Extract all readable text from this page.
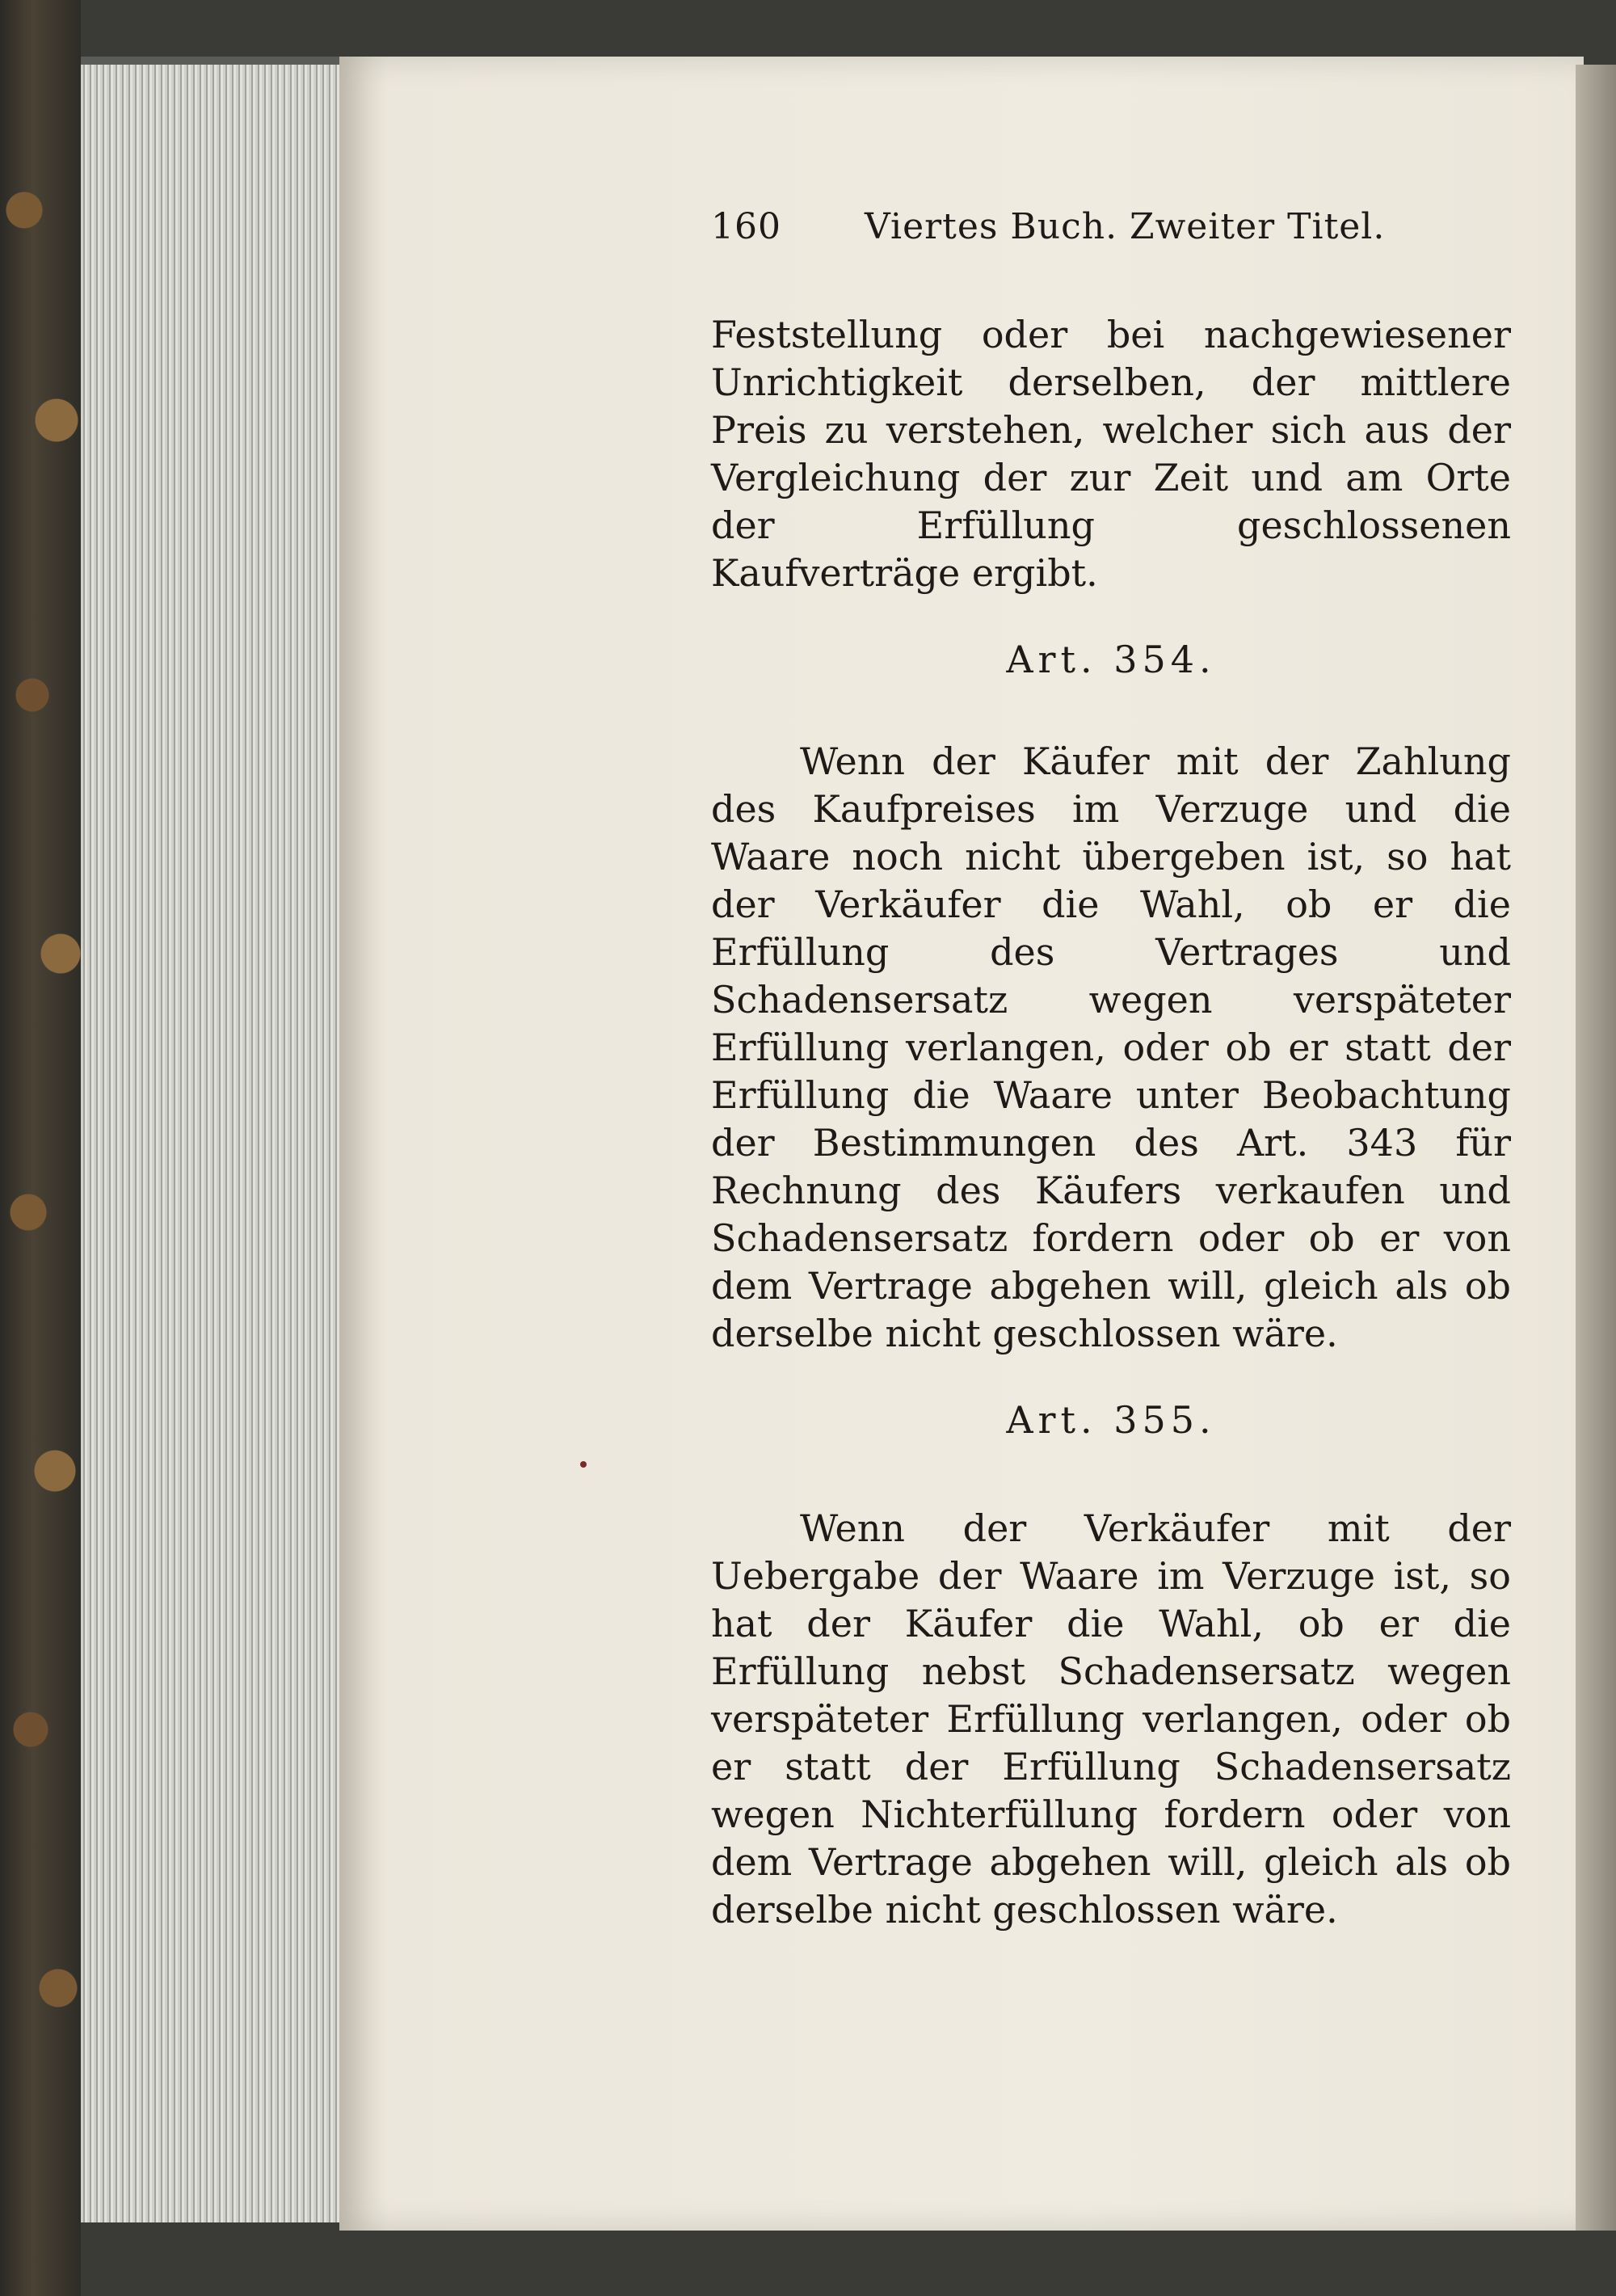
160	Viertes Buch. Zweiter Titel.

Feststellung oder bei nachgewiesener Unrichtigkeit derselben, der mittlere Preis zu verstehen, welcher sich aus der Vergleichung der zur Zeit und am Orte der Erfüllung geschlossenen Kaufverträge ergibt.

Art. 354.

Wenn der Käufer mit der Zahlung des Kaufpreises im Verzuge und die Waare noch nicht übergeben ist, so hat der Verkäufer die Wahl, ob er die Erfüllung des Vertrages und Schadensersatz wegen verspäteter Erfüllung verlangen, oder ob er statt der Erfüllung die Waare unter Beobachtung der Bestimmungen des Art. 343 für Rechnung des Käufers verkaufen und Schadensersatz fordern oder ob er von dem Vertrage abgehen will, gleich als ob derselbe nicht geschlossen wäre.

Art. 355.

Wenn der Verkäufer mit der Uebergabe der Waare im Verzuge ist, so hat der Käufer die Wahl, ob er die Erfüllung nebst Schadensersatz wegen verspäteter Erfüllung verlangen, oder ob er statt der Erfüllung Schadensersatz wegen Nichterfüllung fordern oder von dem Vertrage abgehen will, gleich als ob derselbe nicht geschlossen wäre.
